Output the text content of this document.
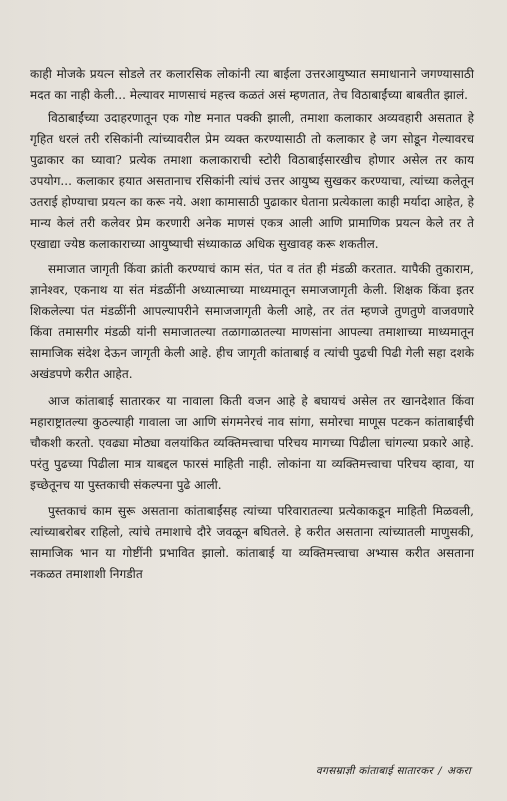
काही मोजके प्रयत्न सोडले तर कलारसिक लोकांनी त्या बाईला उत्तरआयुष्यात समाधानाने जगण्यासाठी मदत का नाही केली... मेल्यावर माणसाचं महत्त्व कळतं असं म्हणतात, तेच विठाबाईंच्या बाबतीत झालं.

विठाबाईंच्या उदाहरणातून एक गोष्ट मनात पक्की झाली, तमाशा कलाकार अव्यवहारी असतात हे गृहित धरलं तरी रसिकांनी त्यांच्यावरील प्रेम व्यक्त करण्यासाठी तो कलाकार हे जग सोडून गेल्यावरच पुढाकार का घ्यावा? प्रत्येक तमाशा कलाकाराची स्टोरी विठाबाईसारखीच होणार असेल तर काय उपयोग... कलाकार हयात असतानाच रसिकांनी त्यांचं उत्तर आयुष्य सुखकर करण्याचा, त्यांच्या कलेतून उतराई होण्याचा प्रयत्न का करू नये. अशा कामासाठी पुढाकार घेताना प्रत्येकाला काही मर्यादा आहेत, हे मान्य केलं तरी कलेवर प्रेम करणारी अनेक माणसं एकत्र आली आणि प्रामाणिक प्रयत्न केले तर ते एखाद्या ज्येष्ठ कलाकाराच्या आयुष्याची संध्याकाळ अधिक सुखावह करू शकतील.

समाजात जागृती किंवा क्रांती करण्याचं काम संत, पंत व तंत ही मंडळी करतात. यापैकी तुकाराम, ज्ञानेश्वर, एकनाथ या संत मंडळींनी अध्यात्माच्या माध्यमातून समाजजागृती केली. शिक्षक किंवा इतर शिकलेल्या पंत मंडळींनी आपल्यापरीने समाजजागृती केली आहे, तर तंत म्हणजे तुणतुणे वाजवणारे किंवा तमासगीर मंडळी यांनी समाजातल्या तळागाळातल्या माणसांना आपल्या तमाशाच्या माध्यमातून सामाजिक संदेश देऊन जागृती केली आहे. हीच जागृती कांताबाई व त्यांची पुढची पिढी गेली सहा दशके अखंडपणे करीत आहेत.

आज कांताबाई सातारकर या नावाला किती वजन आहे हे बघायचं असेल तर खानदेशात किंवा महाराष्ट्रातल्या कुठल्याही गावाला जा आणि संगमनेरचं नाव सांगा, समोरचा माणूस पटकन कांताबाईंची चौकशी करतो. एवढ्या मोठ्या वलयांकित व्यक्तिमत्त्वाचा परिचय मागच्या पिढीला चांगल्या प्रकारे आहे. परंतु पुढच्या पिढीला मात्र याबद्दल फारसं माहिती नाही. लोकांना या व्यक्तिमत्त्वाचा परिचय व्हावा, या इच्छेतूनच या पुस्तकाची संकल्पना पुढे आली.

पुस्तकाचं काम सुरू असताना कांताबाईंसह त्यांच्या परिवारातल्या प्रत्येकाकडून माहिती मिळवली, त्यांच्याबरोबर राहिलो, त्यांचे तमाशाचे दौरे जवळून बघितले. हे करीत असताना त्यांच्यातली माणुसकी, सामाजिक भान या गोष्टींनी प्रभावित झालो. कांताबाई या व्यक्तिमत्त्वाचा अभ्यास करीत असताना नकळत तमाशाशी निगडीत

वगसम्राज्ञी कांताबाई सातारकर / अकरा
